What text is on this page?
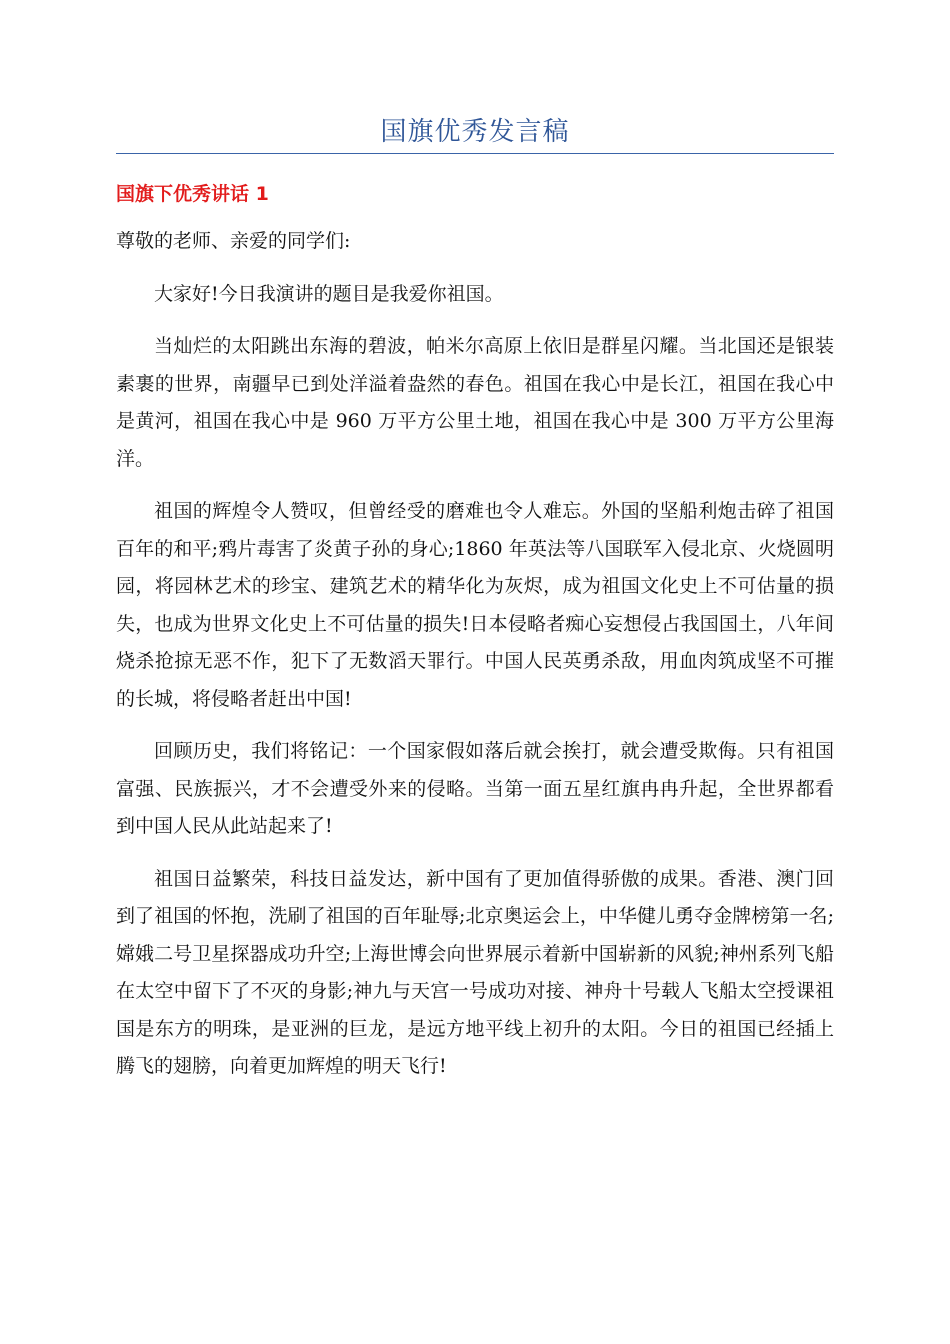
国旗优秀发言稿
国旗下优秀讲话 1

尊敬的老师、亲爱的同学们:

大家好!今日我演讲的题目是我爱你祖国。

当灿烂的太阳跳出东海的碧波，帕米尔高原上依旧是群星闪耀。当北国还是银装素裹的世界，南疆早已到处洋溢着盎然的春色。祖国在我心中是长江，祖国在我心中是黄河，祖国在我心中是 960 万平方公里土地，祖国在我心中是 300 万平方公里海洋。

祖国的辉煌令人赞叹，但曾经受的磨难也令人难忘。外国的坚船利炮击碎了祖国百年的和平;鸦片毒害了炎黄子孙的身心;1860 年英法等八国联军入侵北京、火烧圆明园，将园林艺术的珍宝、建筑艺术的精华化为灰烬，成为祖国文化史上不可估量的损失，也成为世界文化史上不可估量的损失!日本侵略者痴心妄想侵占我国国土，八年间烧杀抢掠无恶不作，犯下了无数滔天罪行。中国人民英勇杀敌，用血肉筑成坚不可摧的长城，将侵略者赶出中国!

回顾历史，我们将铭记：一个国家假如落后就会挨打，就会遭受欺侮。只有祖国富强、民族振兴，才不会遭受外来的侵略。当第一面五星红旗冉冉升起，全世界都看到中国人民从此站起来了!

祖国日益繁荣，科技日益发达，新中国有了更加值得骄傲的成果。香港、澳门回到了祖国的怀抱，洗刷了祖国的百年耻辱;北京奥运会上，中华健儿勇夺金牌榜第一名;嫦娥二号卫星探器成功升空;上海世博会向世界展示着新中国崭新的风貌;神州系列飞船在太空中留下了不灭的身影;神九与天宫一号成功对接、神舟十号载人飞船太空授课祖国是东方的明珠，是亚洲的巨龙，是远方地平线上初升的太阳。今日的祖国已经插上腾飞的翅膀，向着更加辉煌的明天飞行!
